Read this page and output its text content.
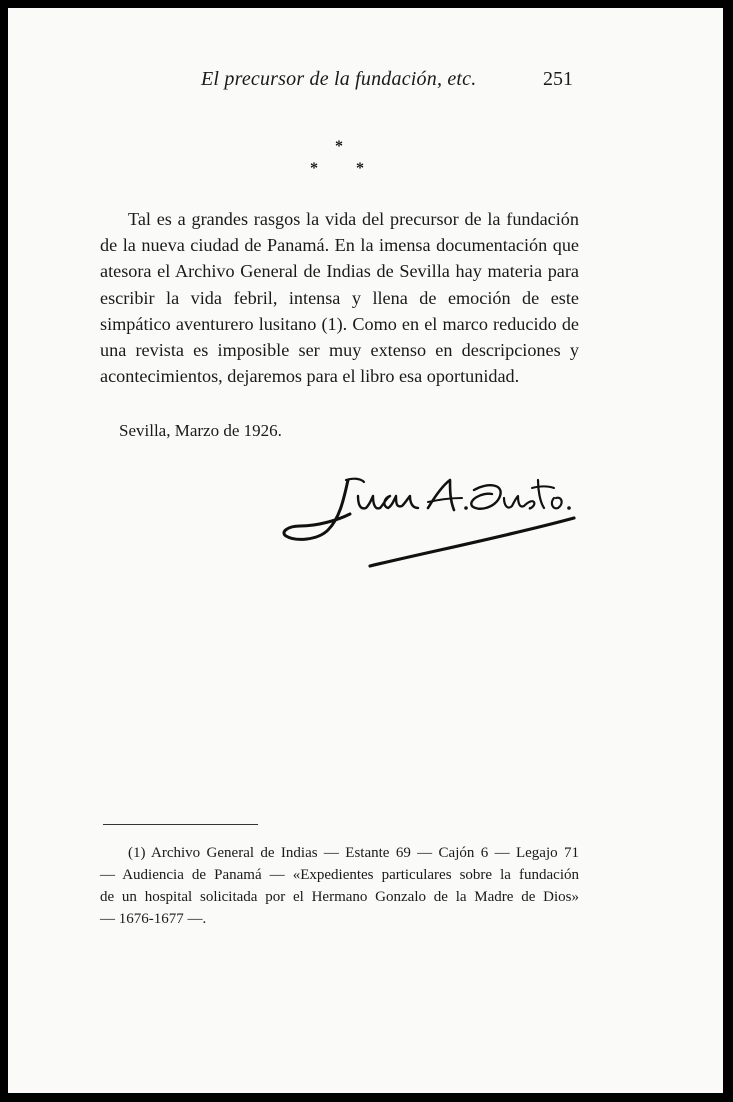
El precursor de la fundación, etc.	251
*
* *

Tal es a grandes rasgos la vida del precursor de la fundación de la nueva ciudad de Panamá. En la imensa documentación que atesora el Archivo General de Indias de Sevilla hay materia para escribir la vida febril, intensa y llena de emoción de este simpático aventurero lusitano (1). Como en el marco reducido de una revista es imposible ser muy extenso en descripciones y acontecimientos, dejaremos para el libro esa oportunidad.

Sevilla, Marzo de 1926.
(1) Archivo General de Indias — Estante 69 — Cajón 6 — Legajo 71
— Audiencia de Panamá — «Expedientes particulares sobre la fundación
de un hospital solicitada por el Hermano Gonzalo de la Madre de Dios»
— 1676-1677 —.
